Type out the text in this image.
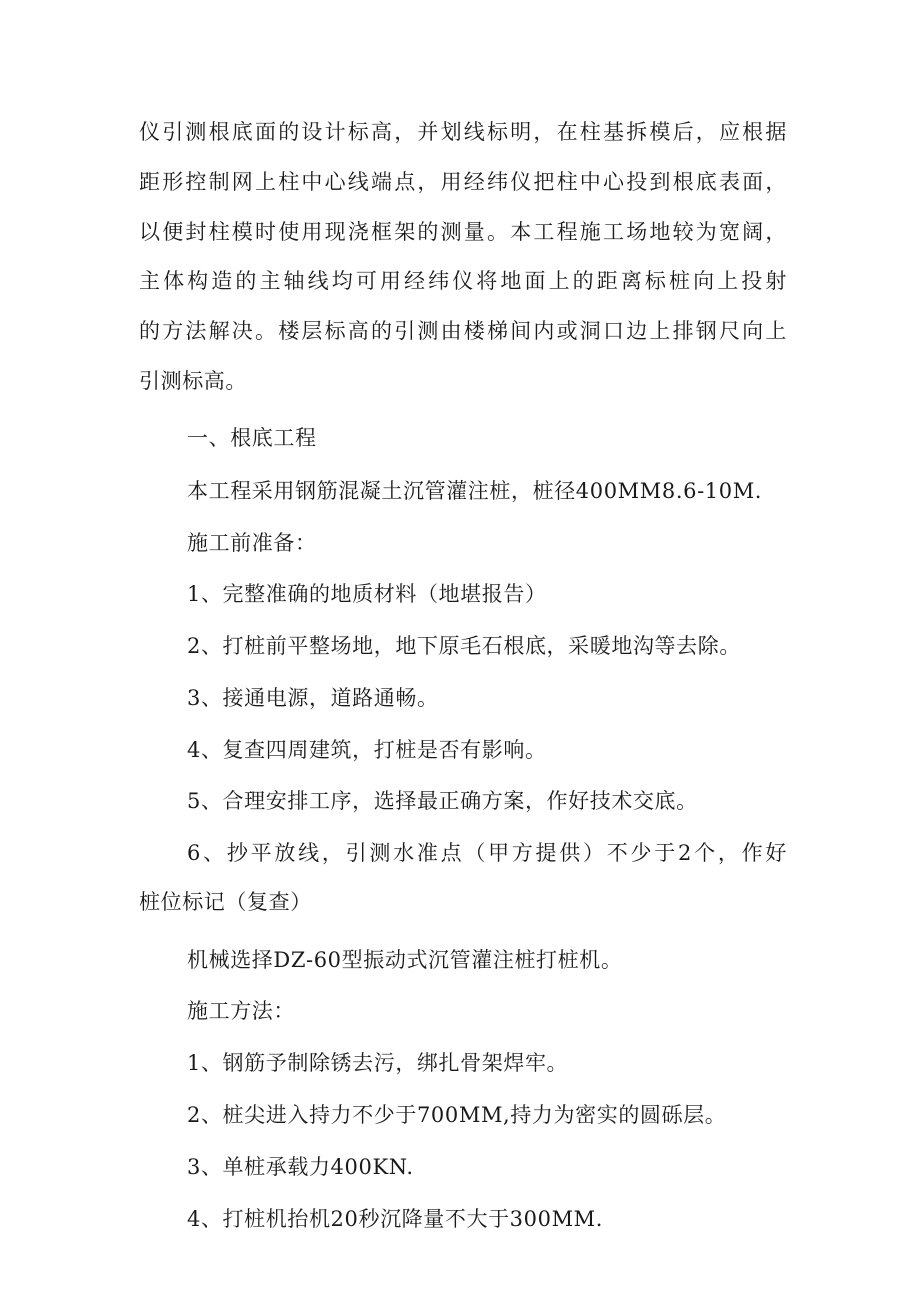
仪引测根底面的设计标高，并划线标明，在柱基拆模后，应根据

距形控制网上柱中心线端点，用经纬仪把柱中心投到根底表面，

以便封柱模时使用现浇框架的测量。本工程施工场地较为宽阔，

主体构造的主轴线均可用经纬仪将地面上的距离标桩向上投射

的方法解决。楼层标高的引测由楼梯间内或洞口边上排钢尺向上

引测标高。

一、根底工程

本工程采用钢筋混凝土沉管灌注桩，桩径400MM8.6-10M.

施工前准备：

1、完整准确的地质材料（地堪报告）

2、打桩前平整场地，地下原毛石根底，采暖地沟等去除。

3、接通电源，道路通畅。

4、复查四周建筑，打桩是否有影响。

5、合理安排工序，选择最正确方案，作好技术交底。

6、抄平放线，引测水准点（甲方提供）不少于2个，作好

桩位标记（复查）

机械选择DZ-60型振动式沉管灌注桩打桩机。

施工方法：

1、钢筋予制除锈去污，绑扎骨架焊牢。

2、桩尖进入持力不少于700MM,持力为密实的圆砾层。

3、单桩承载力400KN.

4、打桩机抬机20秒沉降量不大于300MM.
